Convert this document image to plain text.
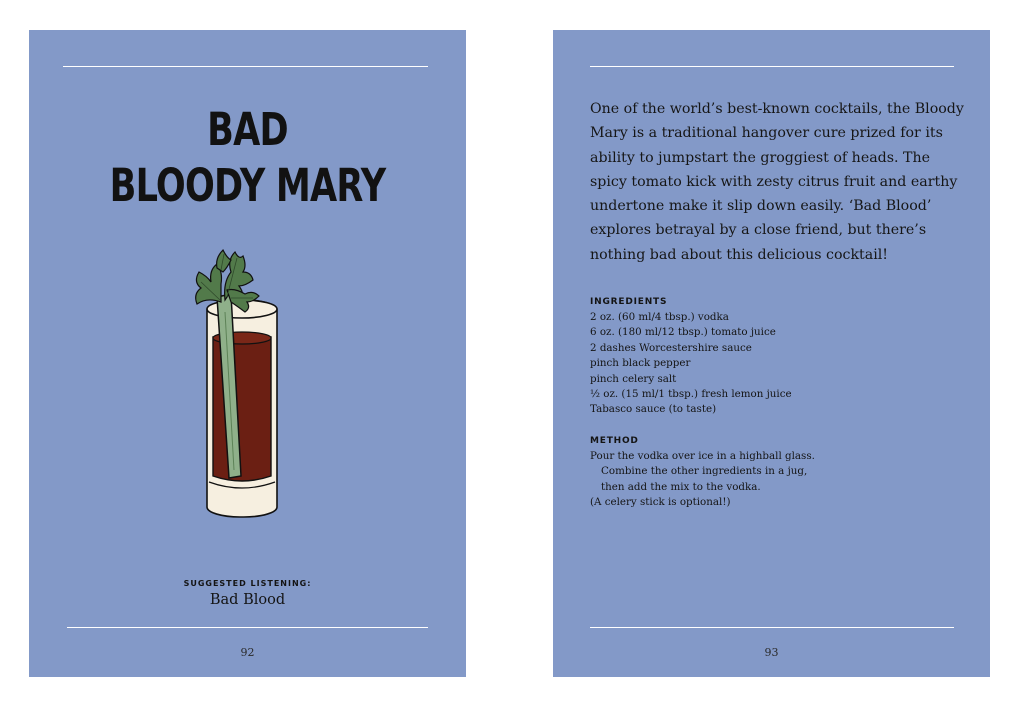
BAD
BLOODY MARY
SUGGESTED LISTENING:
Bad Blood
92
One of the world’s best-known cocktails, the Bloody
Mary is a traditional hangover cure prized for its
ability to jumpstart the groggiest of heads. The
spicy tomato kick with zesty citrus fruit and earthy
undertone make it slip down easily. ‘Bad Blood’
explores betrayal by a close friend, but there’s
nothing bad about this delicious cocktail!
INGREDIENTS
2 oz. (60 ml/4 tbsp.) vodka
6 oz. (180 ml/12 tbsp.) tomato juice
2 dashes Worcestershire sauce
pinch black pepper
pinch celery salt
½ oz. (15 ml/1 tbsp.) fresh lemon juice
Tabasco sauce (to taste)
METHOD
Pour the vodka over ice in a highball glass.
Combine the other ingredients in a jug,
then add the mix to the vodka.
(A celery stick is optional!)
93
